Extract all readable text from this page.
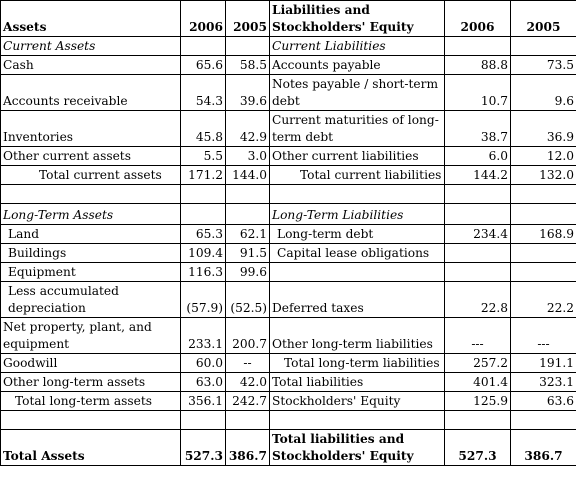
Assets	2006	2005	Liabilities and Stockholders' Equity	2006	2005
Current Assets			Current Liabilities		
Cash	65.6	58.5	Accounts payable	88.8	73.5
Accounts receivable	54.3	39.6	Notes payable / short-term debt	10.7	9.6
Inventories	45.8	42.9	Current maturities of long-term debt	38.7	36.9
Other current assets	5.5	3.0	Other current liabilities	6.0	12.0
Total current assets	171.2	144.0	Total current liabilities	144.2	132.0

Long-Term Assets			Long-Term Liabilities		
Land	65.3	62.1	Long-term debt	234.4	168.9
Buildings	109.4	91.5	Capital lease obligations		
Equipment	116.3	99.6			
Less accumulated depreciation	(57.9)	(52.5)	Deferred taxes	22.8	22.2
Net property, plant, and equipment	233.1	200.7	Other long-term liabilities	---	---
Goodwill	60.0	--	Total long-term liabilities	257.2	191.1
Other long-term assets	63.0	42.0	Total liabilities	401.4	323.1
Total long-term assets	356.1	242.7	Stockholders' Equity	125.9	63.6

Total Assets	527.3	386.7	Total liabilities and Stockholders' Equity	527.3	386.7
